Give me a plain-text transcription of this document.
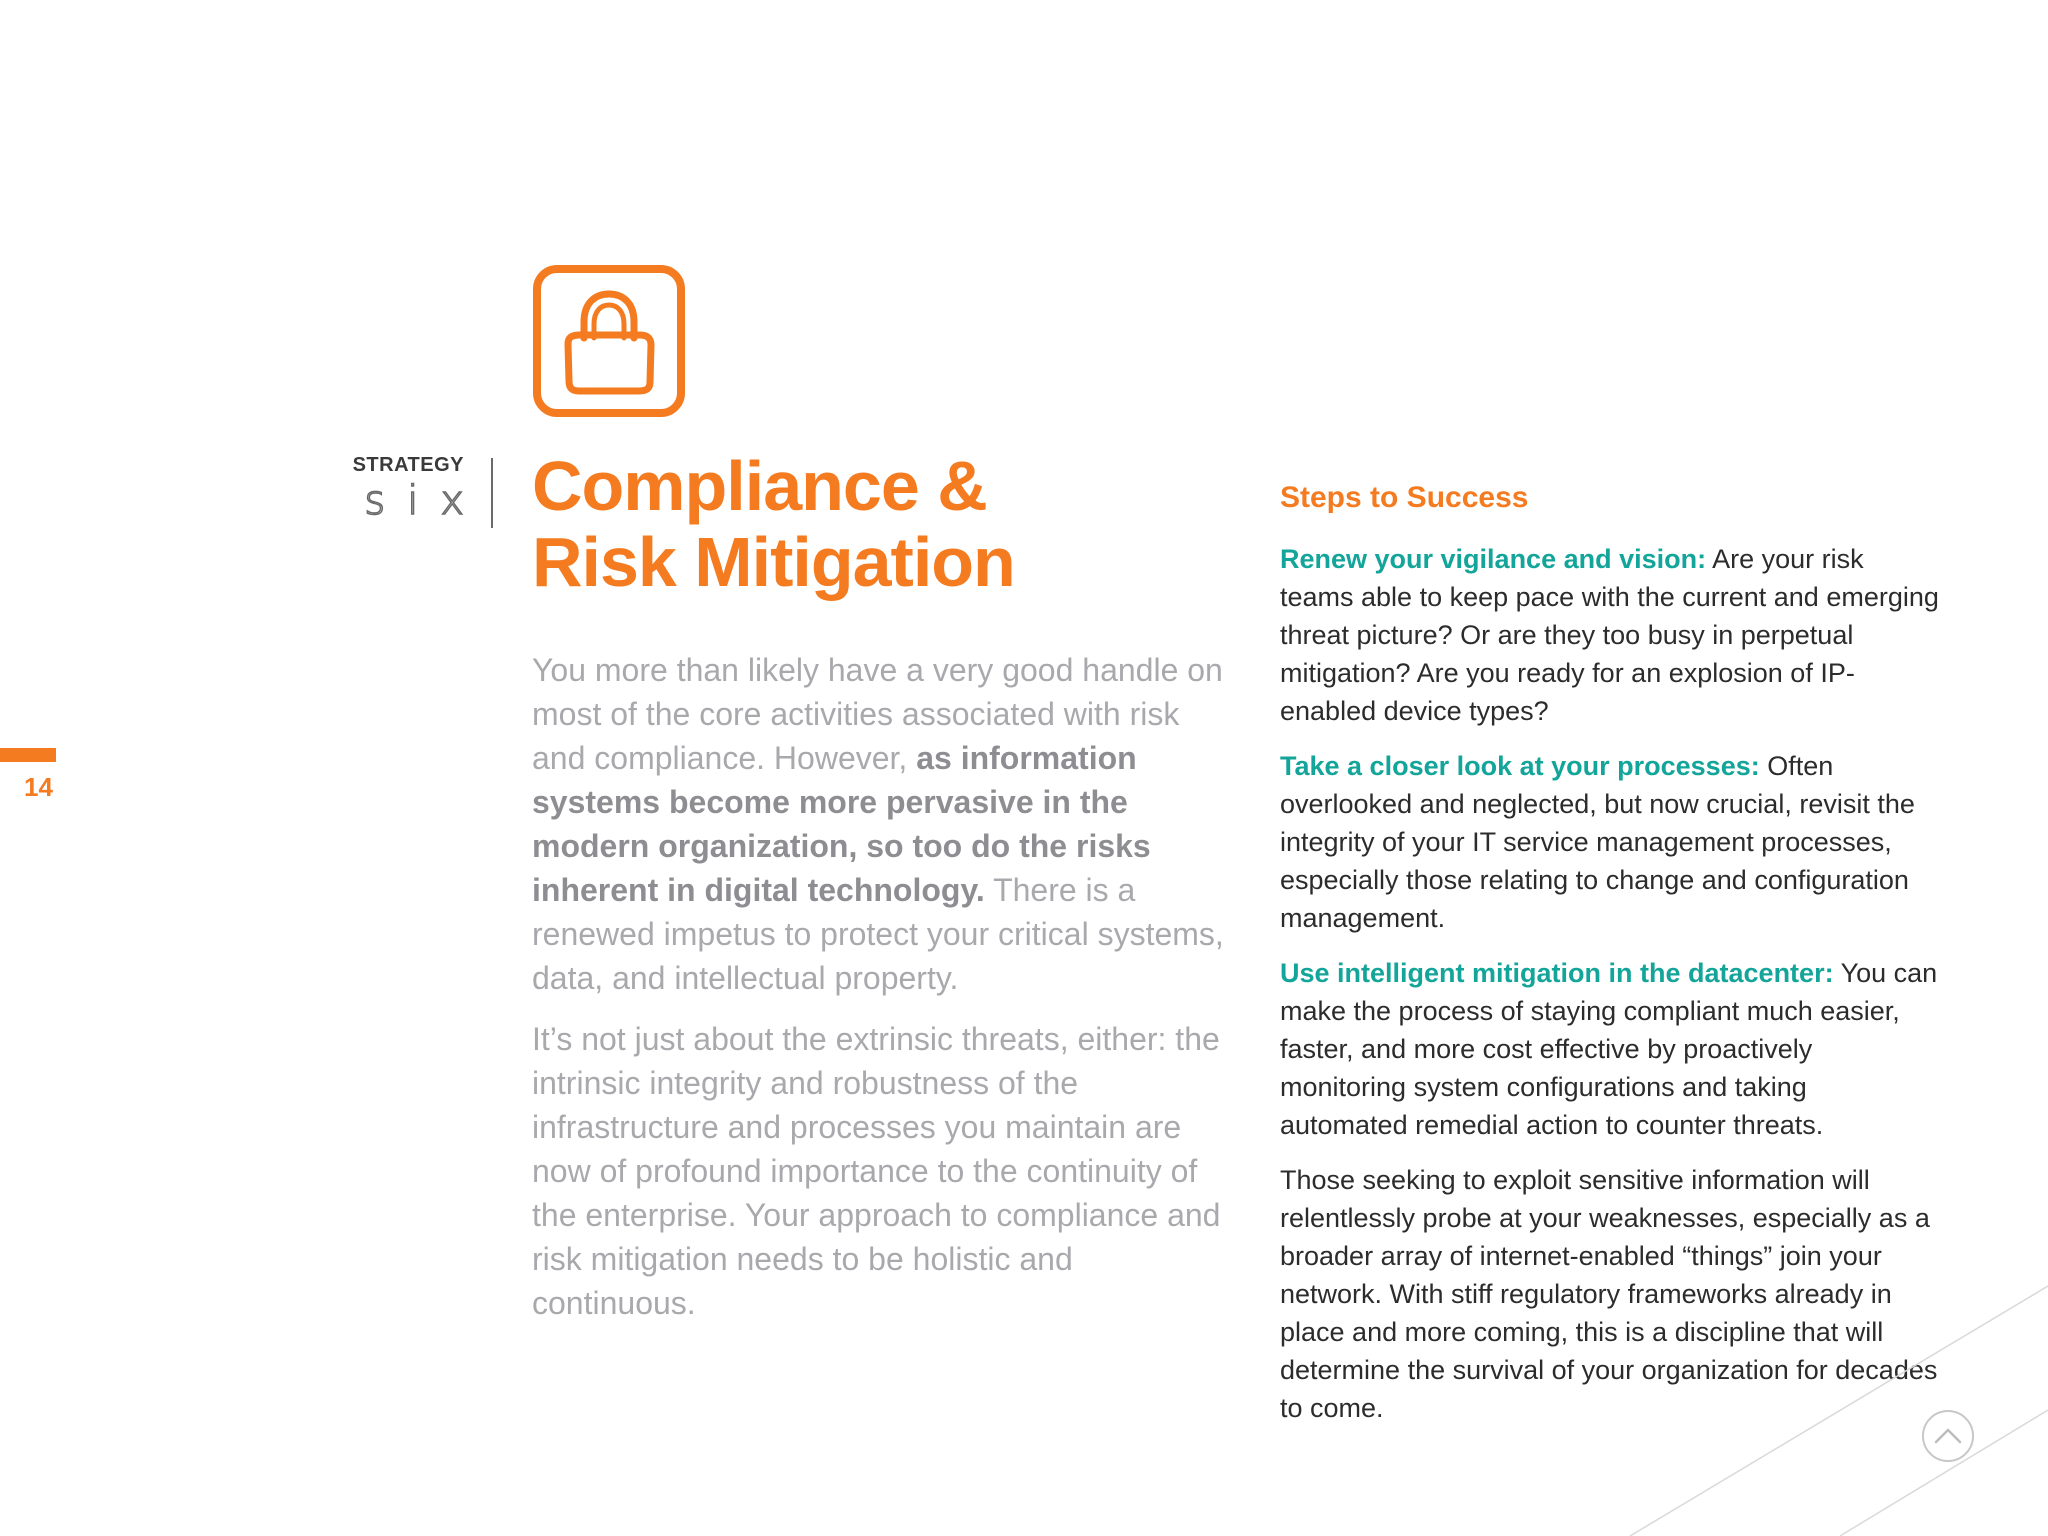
STRATEGY
six Compliance &
Risk Mitigation

You more than likely have a very good handle on most of the core activities associated with risk and compliance. However, as information systems become more pervasive in the modern organization, so too do the risks inherent in digital technology. There is a renewed impetus to protect your critical systems, data, and intellectual property.

It’s not just about the extrinsic threats, either: the intrinsic integrity and robustness of the infrastructure and processes you maintain are now of profound importance to the continuity of the enterprise. Your approach to compliance and risk mitigation needs to be holistic and continuous.

14
Steps to Success

Renew your vigilance and vision: Are your risk teams able to keep pace with the current and emerging threat picture? Or are they too busy in perpetual mitigation? Are you ready for an explosion of IP-enabled device types?

Take a closer look at your processes: Often overlooked and neglected, but now crucial, revisit the integrity of your IT service management processes, especially those relating to change and configuration management.

Use intelligent mitigation in the datacenter: You can make the process of staying compliant much easier, faster, and more cost effective by proactively monitoring system configurations and taking automated remedial action to counter threats.

Those seeking to exploit sensitive information will relentlessly probe at your weaknesses, especially as a broader array of internet-enabled “things” join your network. With stiff regulatory frameworks already in place and more coming, this is a discipline that will determine the survival of your organization for decades to come.
